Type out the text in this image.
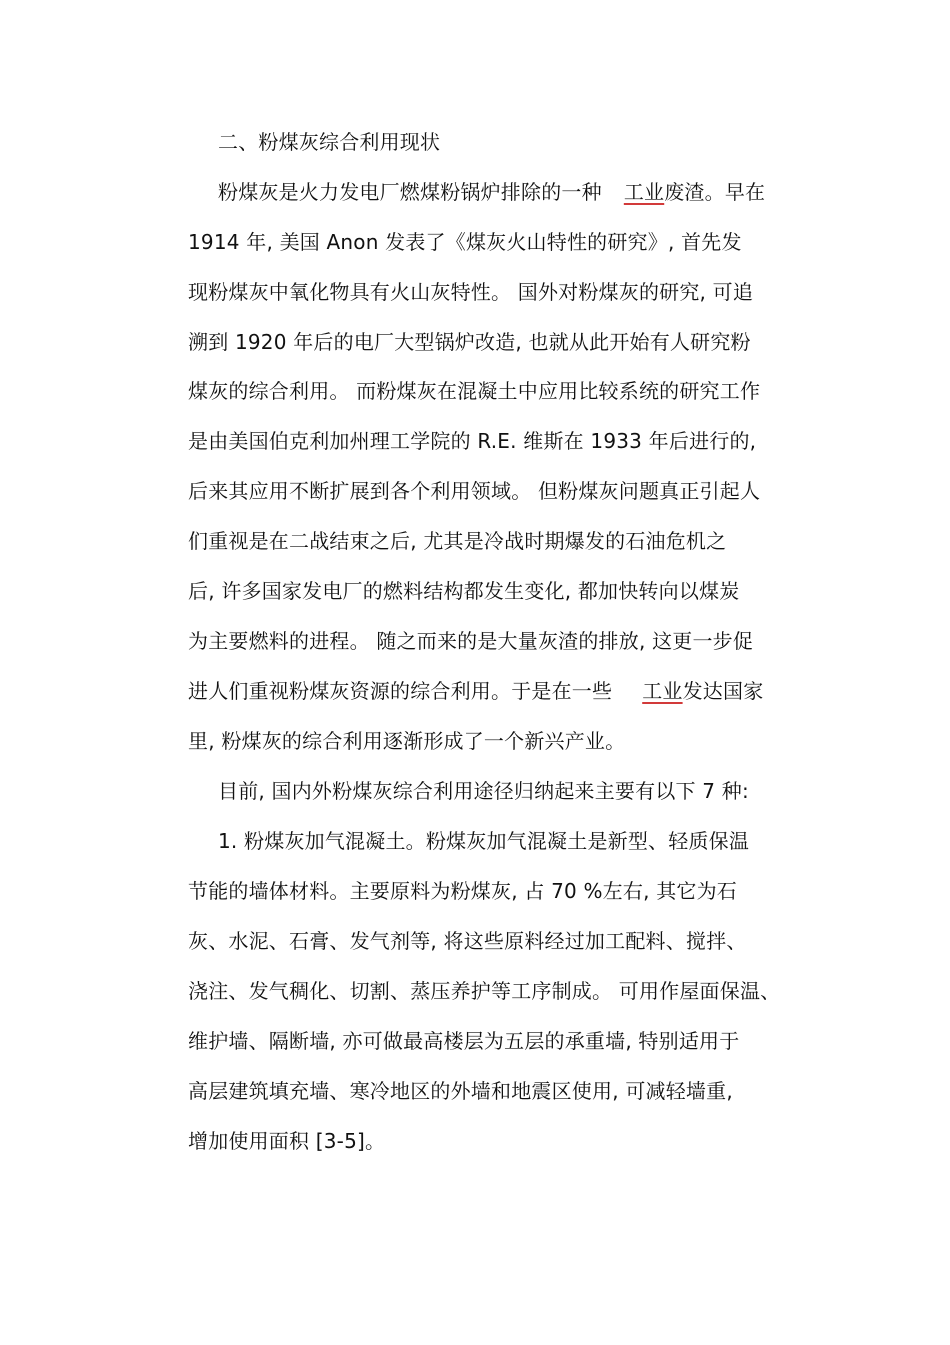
二、粉煤灰综合利用现状
粉煤灰是火力发电厂燃煤粉锅炉排除的一种 工业废渣。早在
1914 年, 美国 Anon 发表了《煤灰火山特性的研究》, 首先发
现粉煤灰中氧化物具有火山灰特性。 国外对粉煤灰的研究, 可追
溯到 1920 年后的电厂大型锅炉改造, 也就从此开始有人研究粉
煤灰的综合利用。 而粉煤灰在混凝土中应用比较系统的研究工作
是由美国伯克利加州理工学院的 R.E. 维斯在 1933 年后进行的,
后来其应用不断扩展到各个利用领域。 但粉煤灰问题真正引起人
们重视是在二战结束之后, 尤其是冷战时期爆发的石油危机之
后, 许多国家发电厂的燃料结构都发生变化, 都加快转向以煤炭
为主要燃料的进程。 随之而来的是大量灰渣的排放, 这更一步促
进人们重视粉煤灰资源的综合利用。于是在一些 工业发达国家
里, 粉煤灰的综合利用逐渐形成了一个新兴产业。
目前, 国内外粉煤灰综合利用途径归纳起来主要有以下 7 种:
1. 粉煤灰加气混凝土。粉煤灰加气混凝土是新型、轻质保温
节能的墙体材料。主要原料为粉煤灰, 占 70 %左右, 其它为石
灰、水泥、石膏、发气剂等, 将这些原料经过加工配料、搅拌、
浇注、发气稠化、切割、蒸压养护等工序制成。 可用作屋面保温、
维护墙、隔断墙, 亦可做最高楼层为五层的承重墙, 特别适用于
高层建筑填充墙、寒冷地区的外墙和地震区使用, 可减轻墙重,
增加使用面积 [3-5]。
